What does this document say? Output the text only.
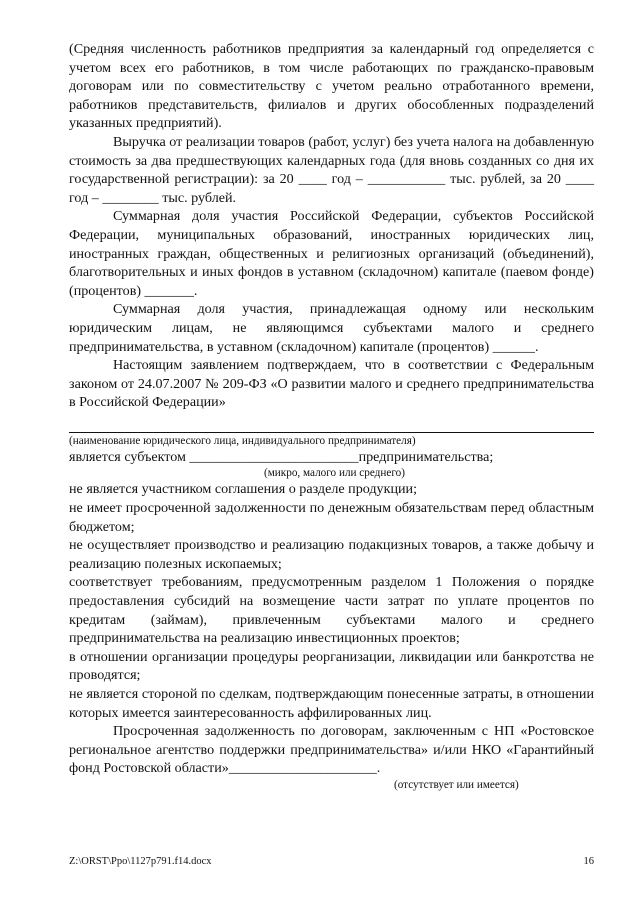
(Средняя численность работников предприятия за календарный год определяется с учетом всех его работников, в том числе работающих по гражданско-правовым договорам или по совместительству с учетом реально отработанного времени, работников представительств, филиалов и других обособленных подразделений указанных предприятий).

Выручка от реализации товаров (работ, услуг) без учета налога на добавленную стоимость за два предшествующих календарных года (для вновь созданных со дня их государственной регистрации): за 20 ____ год – ___________ тыс. рублей, за 20 ____ год – ________ тыс. рублей.

Суммарная доля участия Российской Федерации, субъектов Российской Федерации, муниципальных образований, иностранных юридических лиц, иностранных граждан, общественных и религиозных организаций (объединений), благотворительных и иных фондов в уставном (складочном) капитале (паевом фонде) (процентов) _______.

Суммарная доля участия, принадлежащая одному или нескольким юридическим лицам, не являющимся субъектами малого и среднего предпринимательства, в уставном (складочном) капитале (процентов) ______.

Настоящим заявлением подтверждаем, что в соответствии с Федеральным законом от 24.07.2007 № 209-ФЗ «О развитии малого и среднего предпринимательства в Российской Федерации»

(наименование юридического лица, индивидуального предпринимателя)

является субъектом ________________________предпринимательства;

(микро, малого или среднего)

не является участником соглашения о разделе продукции;

не имеет просроченной задолженности по денежным обязательствам перед областным бюджетом;

не осуществляет производство и реализацию подакцизных товаров, а также добычу и реализацию полезных ископаемых;

соответствует требованиям, предусмотренным разделом 1 Положения о порядке предоставления субсидий на возмещение части затрат по уплате процентов по кредитам (займам), привлеченным субъектами малого и среднего предпринимательства на реализацию инвестиционных проектов;

в отношении организации процедуры реорганизации, ликвидации или банкротства не проводятся;

не является стороной по сделкам, подтверждающим понесенные затраты, в отношении которых имеется заинтересованность аффилированных лиц.

Просроченная задолженность по договорам, заключенным с НП «Ростовское региональное агентство поддержки предпринимательства» и/или НКО «Гарантийный фонд Ростовской области»_____________________.

(отсутствует или имеется)

Z:\ORST\Ppo\1127p791.f14.docx	16
